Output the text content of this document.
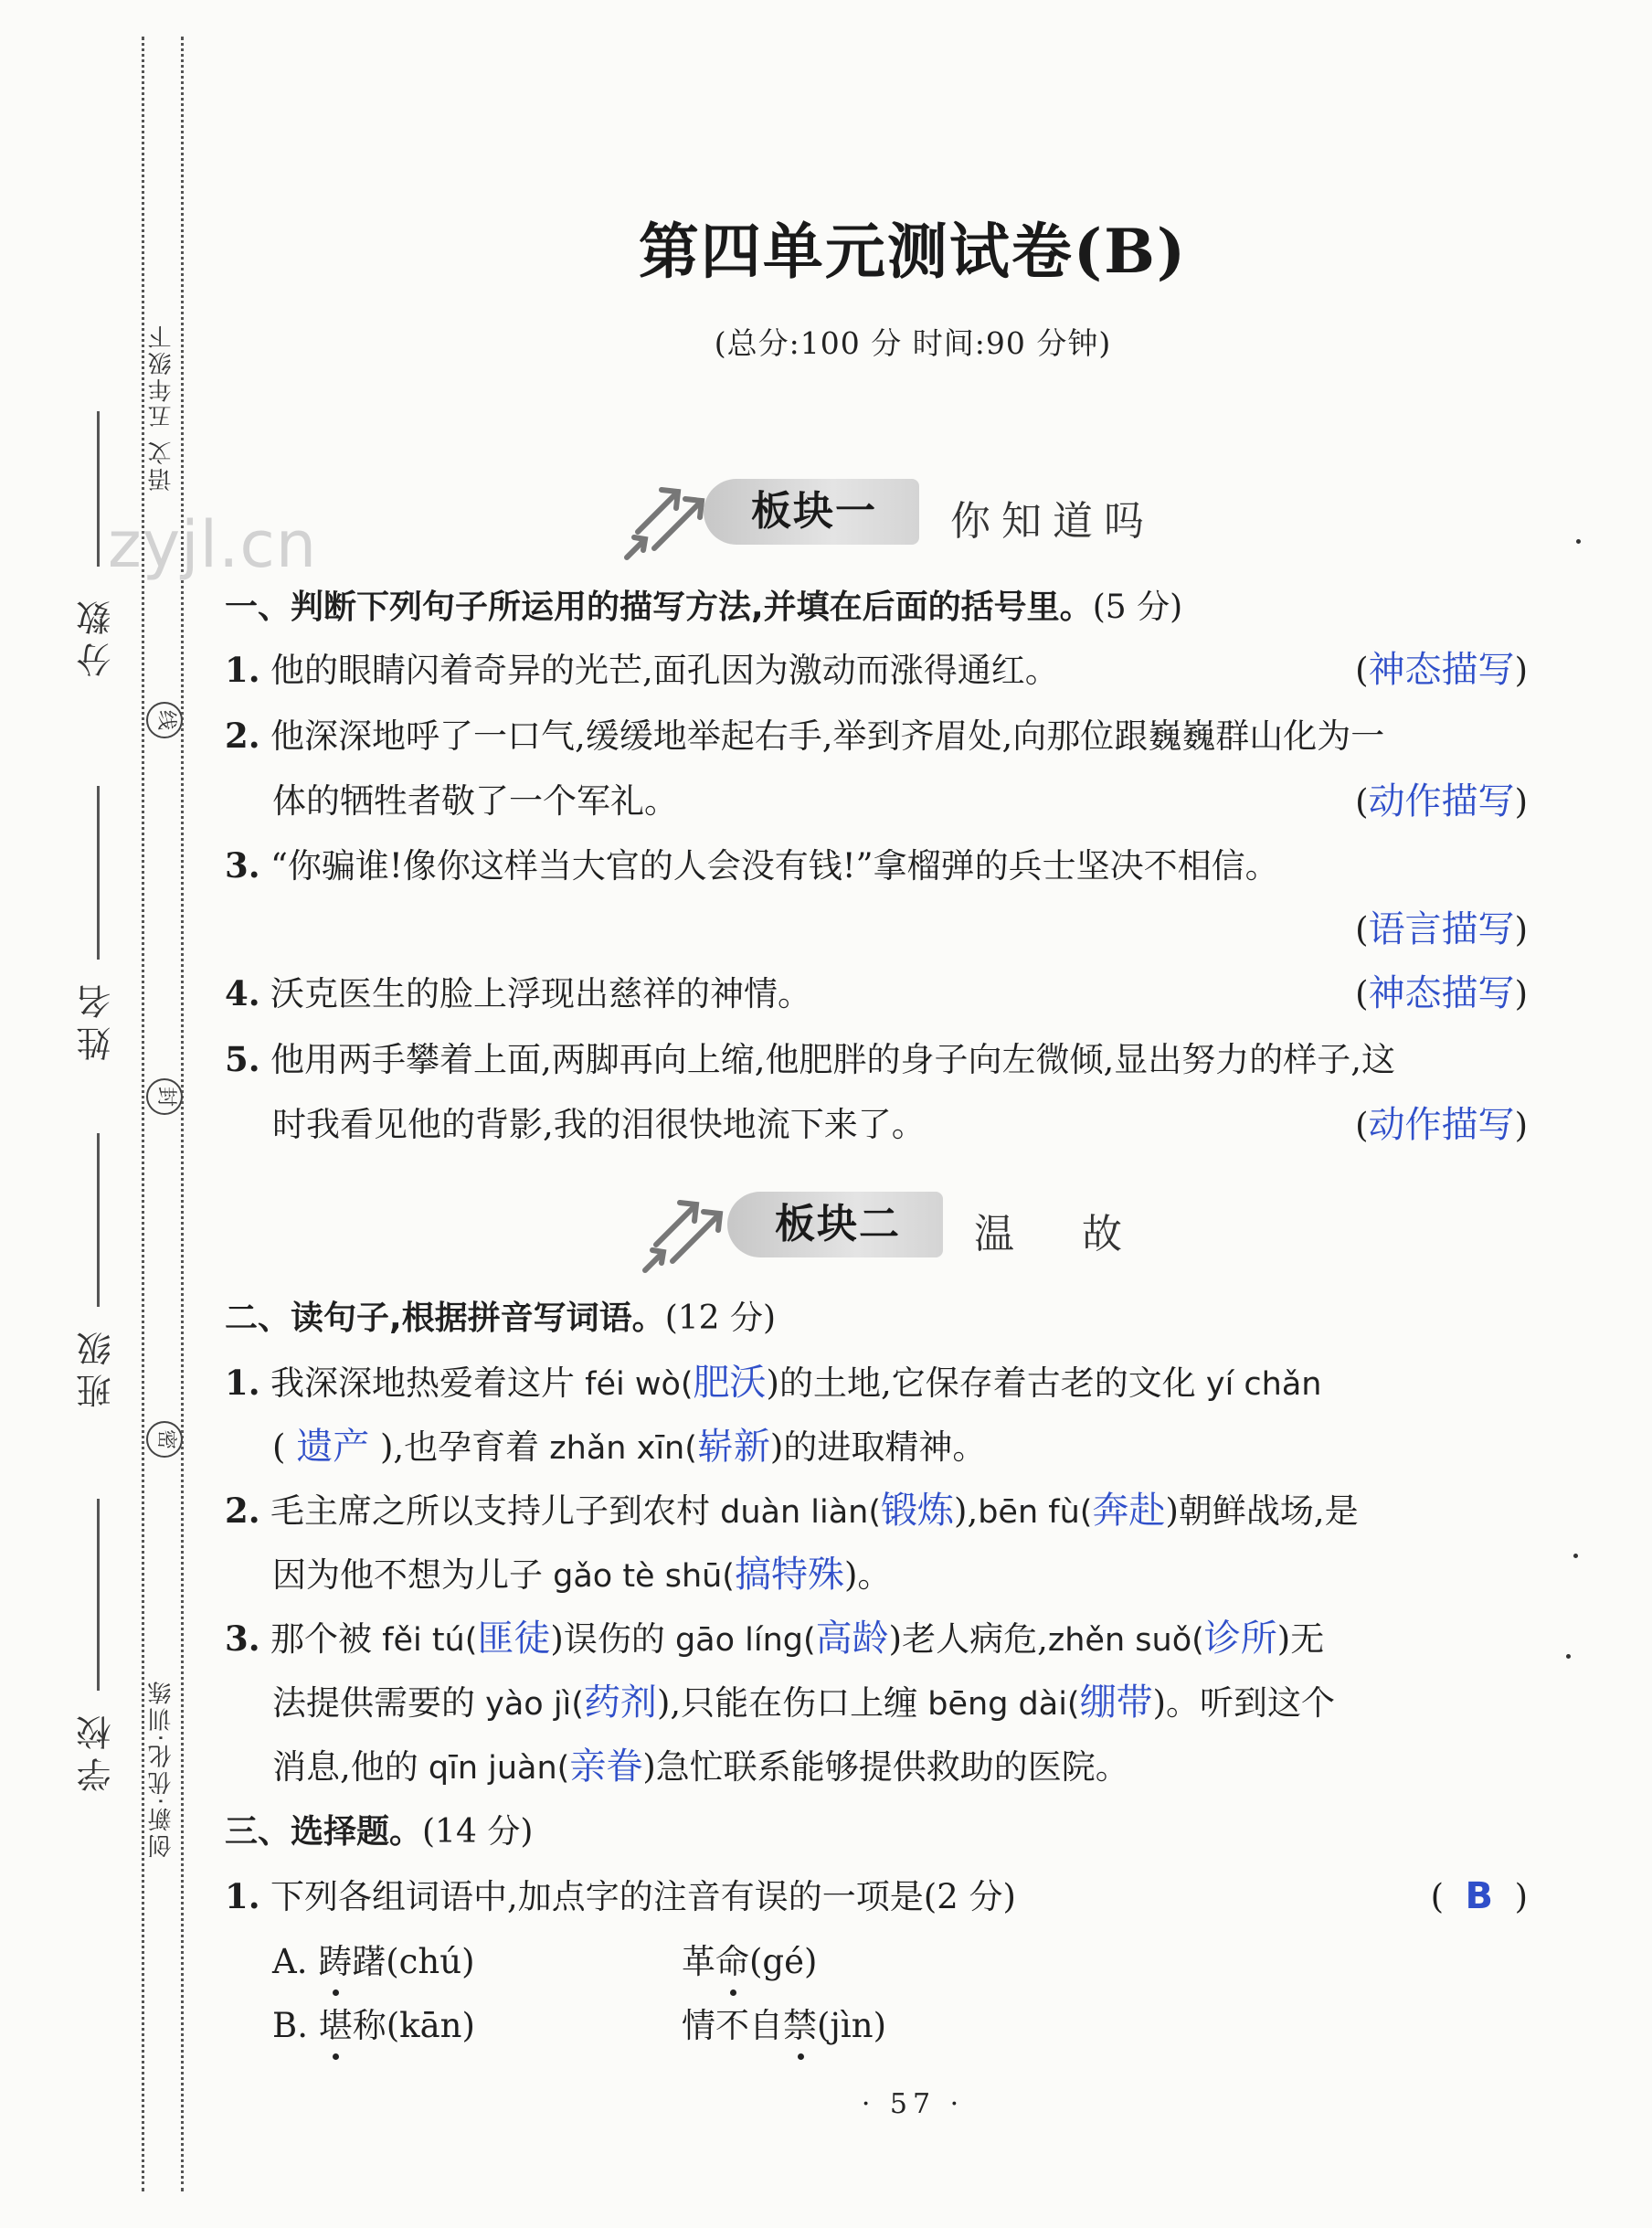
分数
姓名
班级
学校
线
封
密
语文 五年级下
创新·优化·训练
zyjl.cn
第四单元测试卷(B)
(总分:100 分 时间:90 分钟)
板块一	你知道吗
一、判断下列句子所运用的描写方法,并填在后面的括号里。(5 分)
1. 他的眼睛闪着奇异的光芒,面孔因为激动而涨得通红。	(神态描写)
2. 他深深地呼了一口气,缓缓地举起右手,举到齐眉处,向那位跟巍巍群山化为一
体的牺牲者敬了一个军礼。	(动作描写)
3. “你骗谁!像你这样当大官的人会没有钱!”拿榴弹的兵士坚决不相信。
(语言描写)
4. 沃克医生的脸上浮现出慈祥的神情。	(神态描写)
5. 他用两手攀着上面,两脚再向上缩,他肥胖的身子向左微倾,显出努力的样子,这
时我看见他的背影,我的泪很快地流下来了。	(动作描写)
板块二	温 故
二、读句子,根据拼音写词语。(12 分)
1. 我深深地热爱着这片 féi wò(肥沃)的土地,它保存着古老的文化 yí chǎn
( 遗产 ),也孕育着 zhǎn xīn(崭新)的进取精神。
2. 毛主席之所以支持儿子到农村 duàn liàn(锻炼),bēn fù(奔赴)朝鲜战场,是
因为他不想为儿子 gǎo tè shū(搞特殊)。
3. 那个被 fěi tú(匪徒)误伤的 gāo líng(高龄)老人病危,zhěn suǒ(诊所)无
法提供需要的 yào jì(药剂),只能在伤口上缠 bēng dài(绷带)。听到这个
消息,他的 qīn juàn(亲眷)急忙联系能够提供救助的医院。
三、选择题。(14 分)
1. 下列各组词语中,加点字的注音有误的一项是(2 分)	( B )
A. 踌躇(chú)	革命(gé)
B. 堪称(kān)	情不自禁(jìn)
· 57 ·
